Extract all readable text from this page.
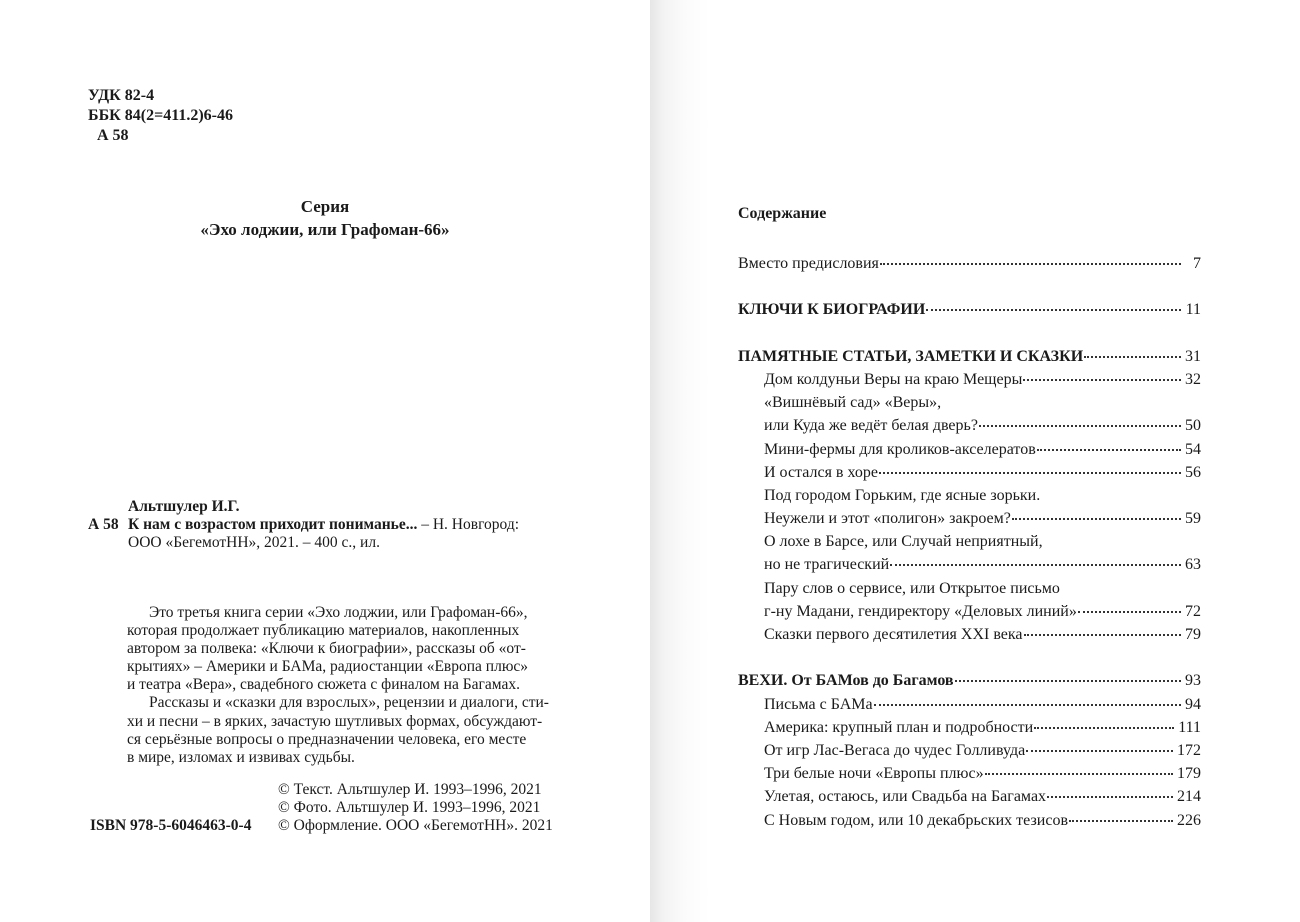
УДК 82-4
ББК 84(2=411.2)6-46
А 58
Серия
«Эхо лоджии, или Графоман-66»
Альтшулер И.Г.
А 58 К нам с возрастом приходит пониманье... – Н. Новгород:
ООО «БегемотНН», 2021. – 400 с., ил.

Это третья книга серии «Эхо лоджии, или Графоман-66»,
которая продолжает публикацию материалов, накопленных
автором за полвека: «Ключи к биографии», рассказы об «от-
крытиях» – Америки и БАМа, радиостанции «Европа плюс»
и театра «Вера», свадебного сюжета с финалом на Багамах.

Рассказы и «сказки для взрослых», рецензии и диалоги, сти-
хи и песни – в ярких, зачастую шутливых формах, обсуждают-
ся серьёзные вопросы о предназначении человека, его месте
в мире, изломах и извивах судьбы.

© Текст. Альтшулер И. 1993–1996, 2021
© Фото. Альтшулер И. 1993–1996, 2021
© Оформление. ООО «БегемотНН». 2021
ISBN 978-5-6046463-0-4
Содержание
Вместо предисловия	7
КЛЮЧИ К БИОГРАФИИ	11
ПАМЯТНЫЕ СТАТЬИ, ЗАМЕТКИ И СКАЗКИ	31
Дом колдуньи Веры на краю Мещеры	32
«Вишнёвый сад» «Веры»,
или Куда же ведёт белая дверь?	50
Мини-фермы для кроликов-акселератов	54
И остался в хоре	56
Под городом Горьким, где ясные зорьки.
Неужели и этот «полигон» закроем?	59
О лохе в Барсе, или Случай неприятный,
но не трагический	63
Пару слов о сервисе, или Открытое письмо
г-ну Мадани, гендиректору «Деловых линий»	72
Сказки первого десятилетия XXI века	79
ВЕХИ. От БАМов до Багамов	93
Письма с БАМа	94
Америка: крупный план и подробности	111
От игр Лас-Вегаса до чудес Голливуда	172
Три белые ночи «Европы плюс»	179
Улетая, остаюсь, или Свадьба на Багамах	214
С Новым годом, или 10 декабрьских тезисов	226
